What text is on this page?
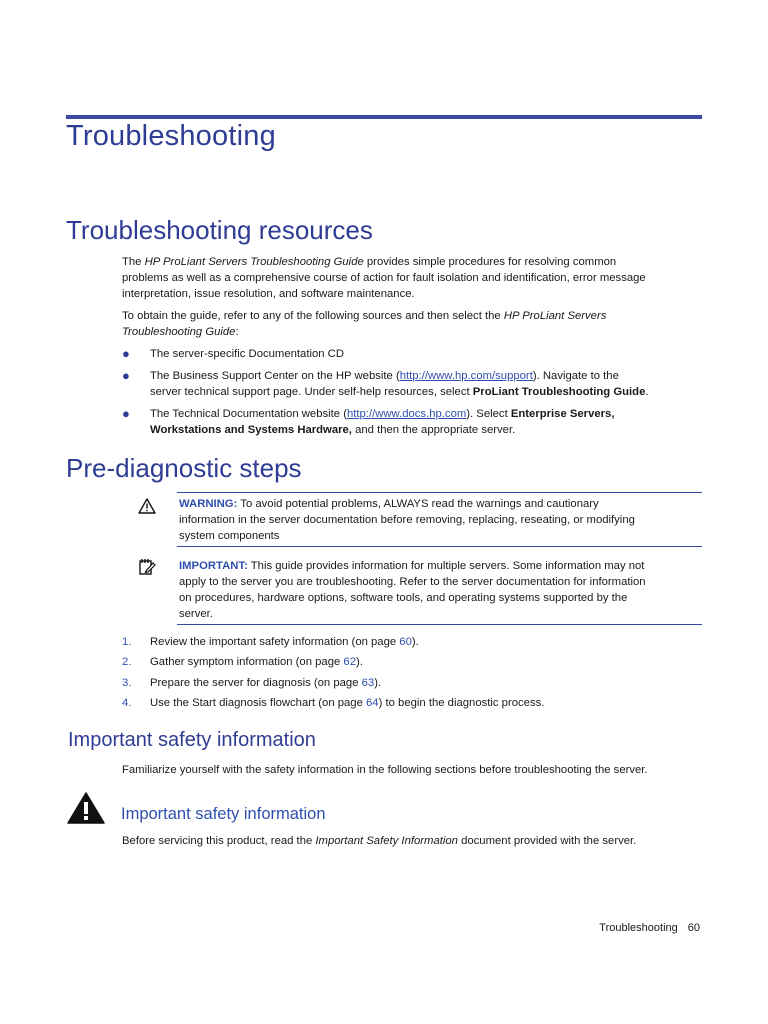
Troubleshooting
Troubleshooting resources

The HP ProLiant Servers Troubleshooting Guide provides simple procedures for resolving common
problems as well as a comprehensive course of action for fault isolation and identification, error message
interpretation, issue resolution, and software maintenance.

To obtain the guide, refer to any of the following sources and then select the HP ProLiant Servers
Troubleshooting Guide:

● The server-specific Documentation CD
● The Business Support Center on the HP website (http://www.hp.com/support). Navigate to the
server technical support page. Under self-help resources, select ProLiant Troubleshooting Guide.
● The Technical Documentation website (http://www.docs.hp.com). Select Enterprise Servers,
Workstations and Systems Hardware, and then the appropriate server.
Pre-diagnostic steps
WARNING: To avoid potential problems, ALWAYS read the warnings and cautionary
information in the server documentation before removing, replacing, reseating, or modifying
system components
IMPORTANT: This guide provides information for multiple servers. Some information may not
apply to the server you are troubleshooting. Refer to the server documentation for information
on procedures, hardware options, software tools, and operating systems supported by the
server.
1. Review the important safety information (on page 60).
2. Gather symptom information (on page 62).
3. Prepare the server for diagnosis (on page 63).
4. Use the Start diagnosis flowchart (on page 64) to begin the diagnostic process.
Important safety information

Familiarize yourself with the safety information in the following sections before troubleshooting the server.

Important safety information

Before servicing this product, read the Important Safety Information document provided with the server.

Troubleshooting 60
